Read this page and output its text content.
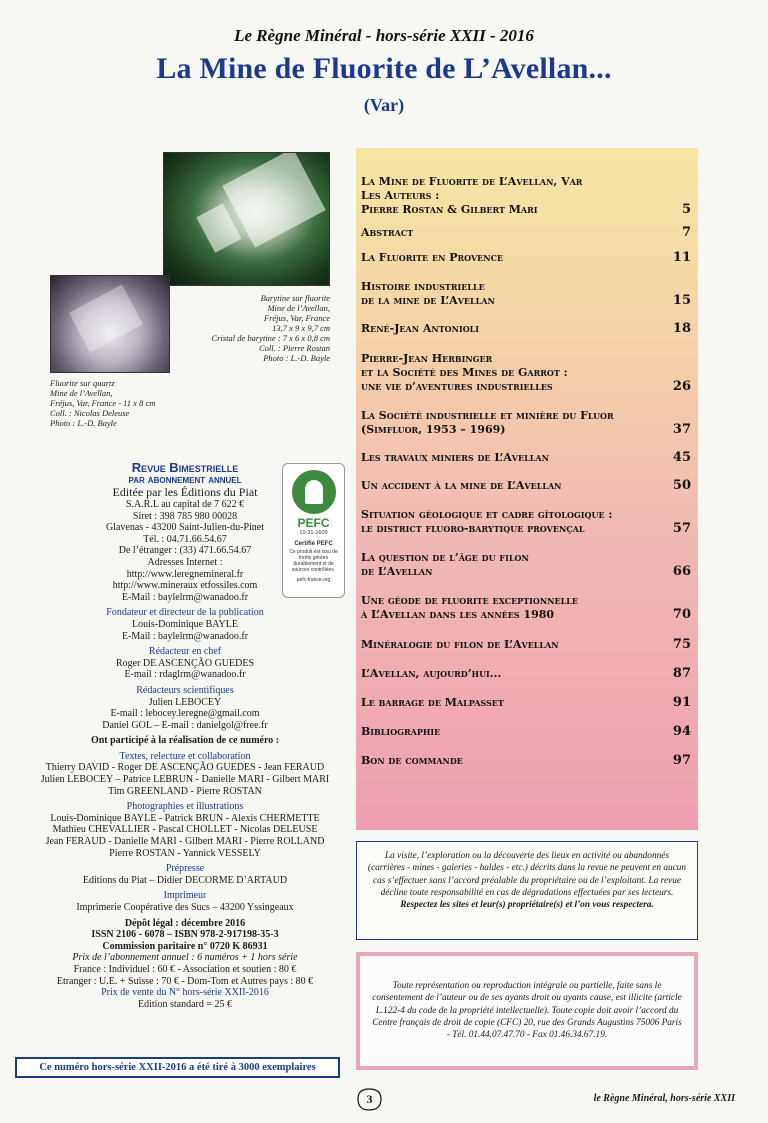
Le Règne Minéral - hors-série XXII - 2016
La Mine de Fluorite de L’Avellan...
(Var)
Barytine sur fluorite
Mine de l’Avellan,
Fréjus, Var, France
13,7 x 9 x 9,7 cm
Cristal de barytine : 7 x 6 x 0,8 cm
Coll. : Pierre Rostan
Photo : L.-D. Bayle
Fluorite sur quartz
Mine de l’Avellan,
Fréjus, Var, France - 11 x 8 cm
Coll. : Nicolas Deleuse
Photo : L.-D. Bayle
PEFC
10-31-1609
Certifié PEFC
Ce produit est issu de forêts gérées durablement et de sources contrôlées.
pefc-france.org
Revue Bimestrielle
par abonnement annuel
Editée par les Éditions du Piat
S.A.R.L au capital de 7 622 €
Siret : 398 785 980 00028
Glavenas - 43200 Saint-Julien-du-Pinet
Tél. : 04.71.66.54.67
De l’étranger : (33) 471.66.54.67
Adresses Internet :
http://www.leregnemineral.fr
http://www.mineraux etfossiles.com
E-Mail : baylelrm@wanadoo.fr
Fondateur et directeur de la publication
Louis-Dominique BAYLE
E-Mail : baylelrm@wanadoo.fr
Rédacteur en chef
Roger DE ASCENÇÃO GUEDES
E-mail : rdaglrm@wanadoo.fr
Rédacteurs scientifiques
Julien LEBOCEY
E-mail : lebocey.leregne@gmail.com
Daniel GOL – E-mail : danielgol@free.fr
Ont participé à la réalisation de ce numéro :
Textes, relecture et collaboration
Thierry DAVID - Roger DE ASCENÇÃO GUEDES - Jean FERAUD
Julien LEBOCEY – Patrice LEBRUN - Danielle MARI - Gilbert MARI
Tim GREENLAND - Pierre ROSTAN
Photographies et illustrations
Louis-Dominique BAYLE - Patrick BRUN - Alexis CHERMETTE
Mathieu CHEVALLIER - Pascal CHOLLET - Nicolas DELEUSE
Jean FERAUD - Danielle MARI - Gilbert MARI - Pierre ROLLAND
Pierre ROSTAN - Yannick VESSELY
Prépresse
Editions du Piat – Didier DECORME D’ARTAUD
Imprimeur
Imprimerie Coopérative des Sucs – 43200 Yssingeaux
Dépôt légal : décembre 2016
ISSN 2106 - 6078 – ISBN 978-2-917198-35-3
Commission paritaire n° 0720 K 86931
Prix de l’abonnement annuel : 6 numéros + 1 hors série
France : Individuel : 60 € - Association et soutien : 80 €
Etranger : U.E. + Suisse : 70 € - Dom-Tom et Autres pays : 80 €
Prix de vente du N° hors-série XXII-2016
Edition standard = 25 €
Ce numéro hors-série XXII-2016 a été tiré à 3000 exemplaires
La Mine de Fluorite de L’Avellan, Var
Les Auteurs :
Pierre Rostan & Gilbert Mari	5
Abstract	7
La Fluorite en Provence	11
Histoire industrielle
de la mine de L’Avellan	15
René-Jean Antonioli	18
Pierre-Jean Herbinger
et la Société des Mines de Garrot :
une vie d’aventures industrielles	26
La Société industrielle et minière du Fluor
(Simfluor, 1953 – 1969)	37
Les travaux miniers de L’Avellan	45
Un accident à la mine de L’Avellan	50
Situation géologique et cadre gîtologique :
le district fluoro-barytique provençal	57
La question de l’âge du filon
de L’Avellan	66
Une géode de fluorite exceptionnelle
à L’Avellan dans les années 1980	70
Minéralogie du filon de L’Avellan	75
L’Avellan, aujourd’hui...	87
Le barrage de Malpasset	91
Bibliographie	94
Bon de commande	97
La visite, l’exploration ou la découverte des lieux en activité ou abandonnés (carrières - mines - galeries - haldes - etc.) décrits dans la revue ne peuvent en aucun cas s’effectuer sans l’accord préalable du propriétaire ou de l’exploitant. La revue décline toute responsabilité en cas de dégradations effectuées par ses lecteurs.
Respectez les sites et leur(s) propriétaire(s) et l’on vous respectera.
Toute représentation ou reproduction intégrale ou partielle, faite sans le consentement de l’auteur ou de ses ayants droit ou ayants cause, est illicite (article L.122-4 du code de la propriété intellectuelle). Toute copie doit avoir l’accord du Centre français de droit de copie (CFC) 20, rue des Grands Augustins 75006 Paris - Tél. 01.44.07.47.70 - Fax 01.46.34.67.19.
3	le Règne Minéral, hors-série XXII
